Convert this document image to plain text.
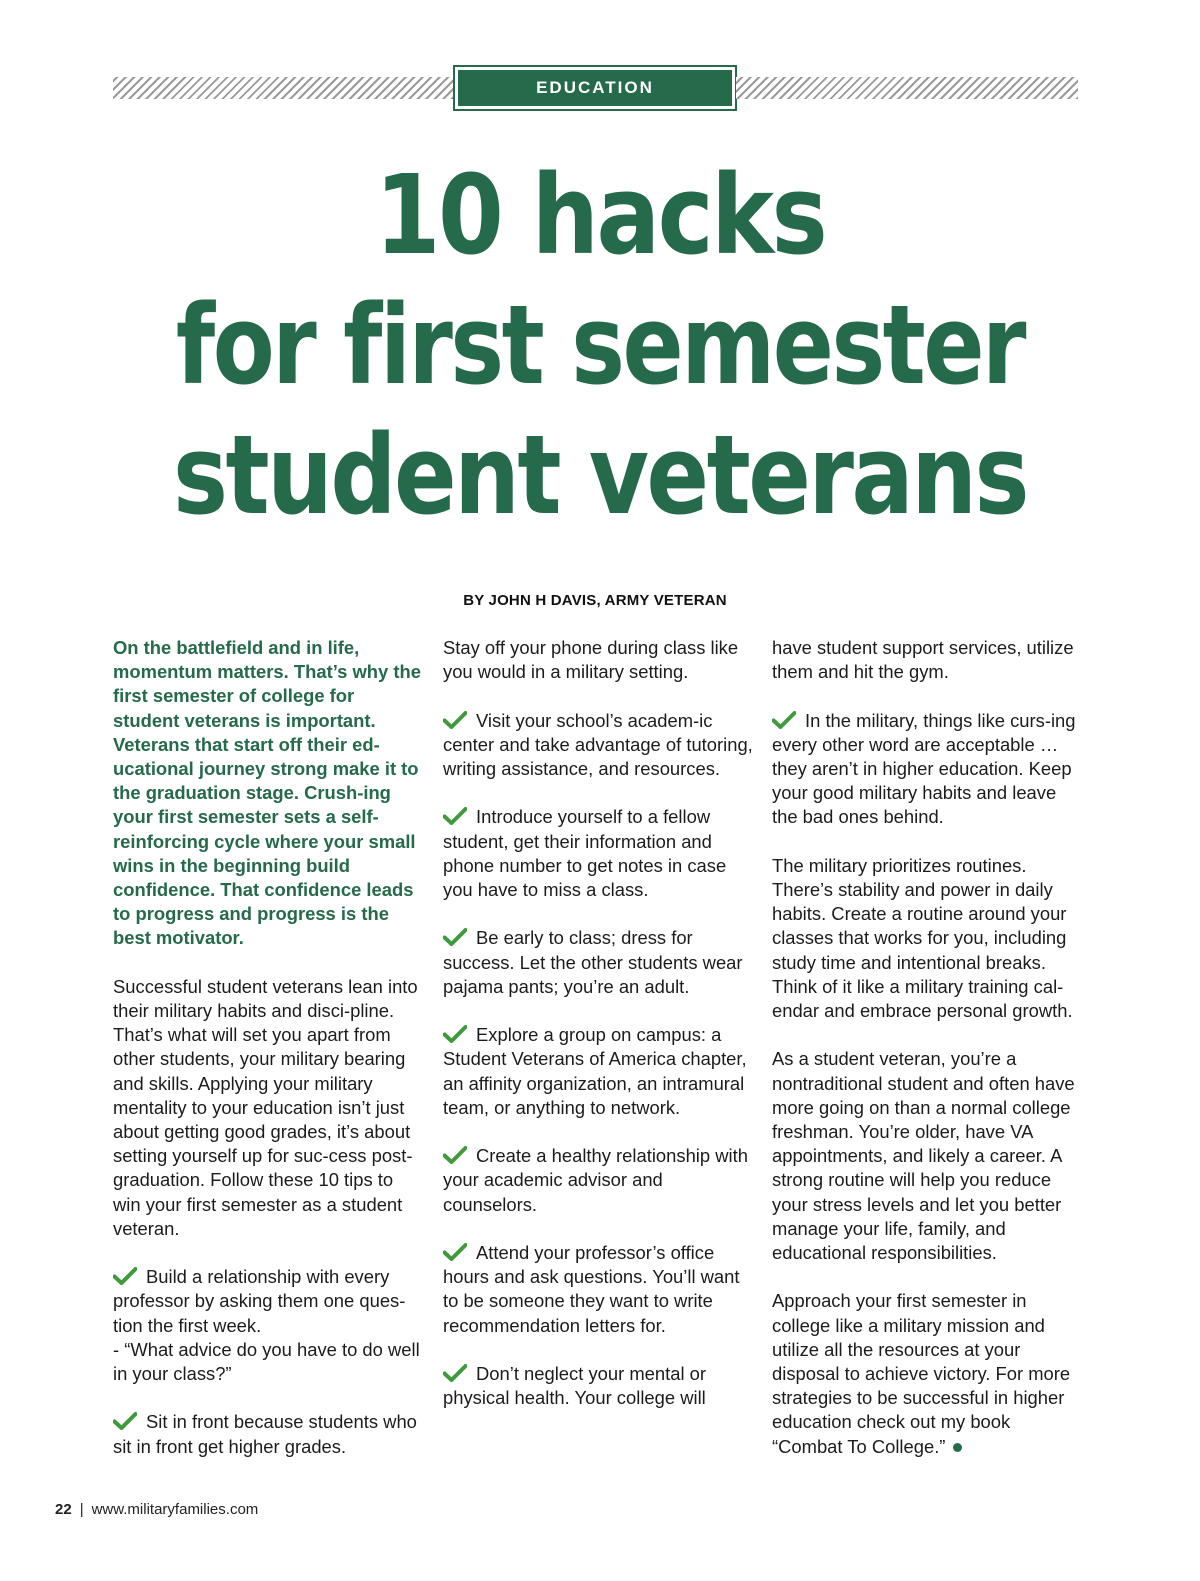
EDUCATION
10 hacks
for first semester
student veterans
BY JOHN H DAVIS, ARMY VETERAN

On the battlefield and in life, momentum matters. That’s why the first semester of college for student veterans is important. Veterans that start off their ed-ucational journey strong make it to the graduation stage. Crush-ing your first semester sets a self-reinforcing cycle where your small wins in the beginning build confidence. That confidence leads to progress and progress is the best motivator.

Successful student veterans lean into their military habits and disci-pline. That’s what will set you apart from other students, your military bearing and skills. Applying your military mentality to your education isn’t just about getting good grades, it’s about setting yourself up for suc-cess post-graduation. Follow these 10 tips to win your first semester as a student veteran.

Build a relationship with every professor by asking them one ques-tion the first week.
- “What advice do you have to do well in your class?”

Sit in front because students who sit in front get higher grades.

Stay off your phone during class like you would in a military setting.

Visit your school’s academ-ic center and take advantage of tutoring, writing assistance, and resources.

Introduce yourself to a fellow student, get their information and phone number to get notes in case you have to miss a class.

Be early to class; dress for success. Let the other students wear pajama pants; you’re an adult.

Explore a group on campus: a Student Veterans of America chapter, an affinity organization, an intramural team, or anything to network.

Create a healthy relationship with your academic advisor and counselors.

Attend your professor’s office hours and ask questions. You’ll want to be someone they want to write recommendation letters for.

Don’t neglect your mental or physical health. Your college will

have student support services, utilize them and hit the gym.

In the military, things like curs-ing every other word are acceptable … they aren’t in higher education. Keep your good military habits and leave the bad ones behind.

The military prioritizes routines. There’s stability and power in daily habits. Create a routine around your classes that works for you, including study time and intentional breaks. Think of it like a military training cal-endar and embrace personal growth.

As a student veteran, you’re a nontraditional student and often have more going on than a normal college freshman. You’re older, have VA appointments, and likely a career. A strong routine will help you reduce your stress levels and let you better manage your life, family, and educational responsibilities.

Approach your first semester in college like a military mission and utilize all the resources at your disposal to achieve victory. For more strategies to be successful in higher education check out my book “Combat To College.”

22 | www.militaryfamilies.com
